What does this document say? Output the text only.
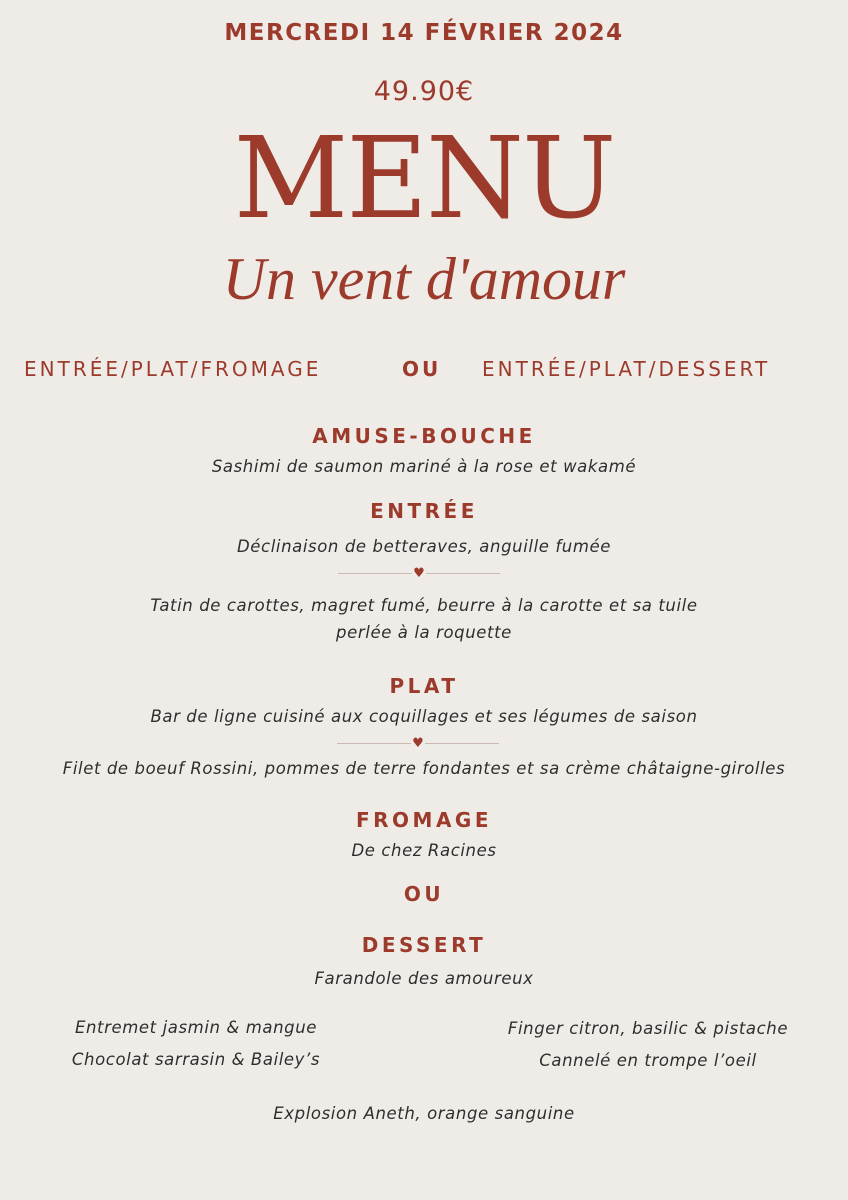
MERCREDI 14 FÉVRIER 2024
49.90€
MENU
Un vent d'amour
ENTRÉE/PLAT/FROMAGE	OU ENTRÉE/PLAT/DESSERT
AMUSE-BOUCHE
Sashimi de saumon mariné à la rose et wakamé
ENTRÉE
Déclinaison de betteraves, anguille fumée
♥
Tatin de carottes, magret fumé, beurre à la carotte et sa tuile
perlée à la roquette
PLAT
Bar de ligne cuisiné aux coquillages et ses légumes de saison
♥
Filet de boeuf Rossini, pommes de terre fondantes et sa crème châtaigne-girolles
FROMAGE
De chez Racines
OU
DESSERT
Farandole des amoureux
Entremet jasmin & mangue
Chocolat sarrasin & Bailey’s
Finger citron, basilic & pistache
Cannelé en trompe l’oeil
Explosion Aneth, orange sanguine
